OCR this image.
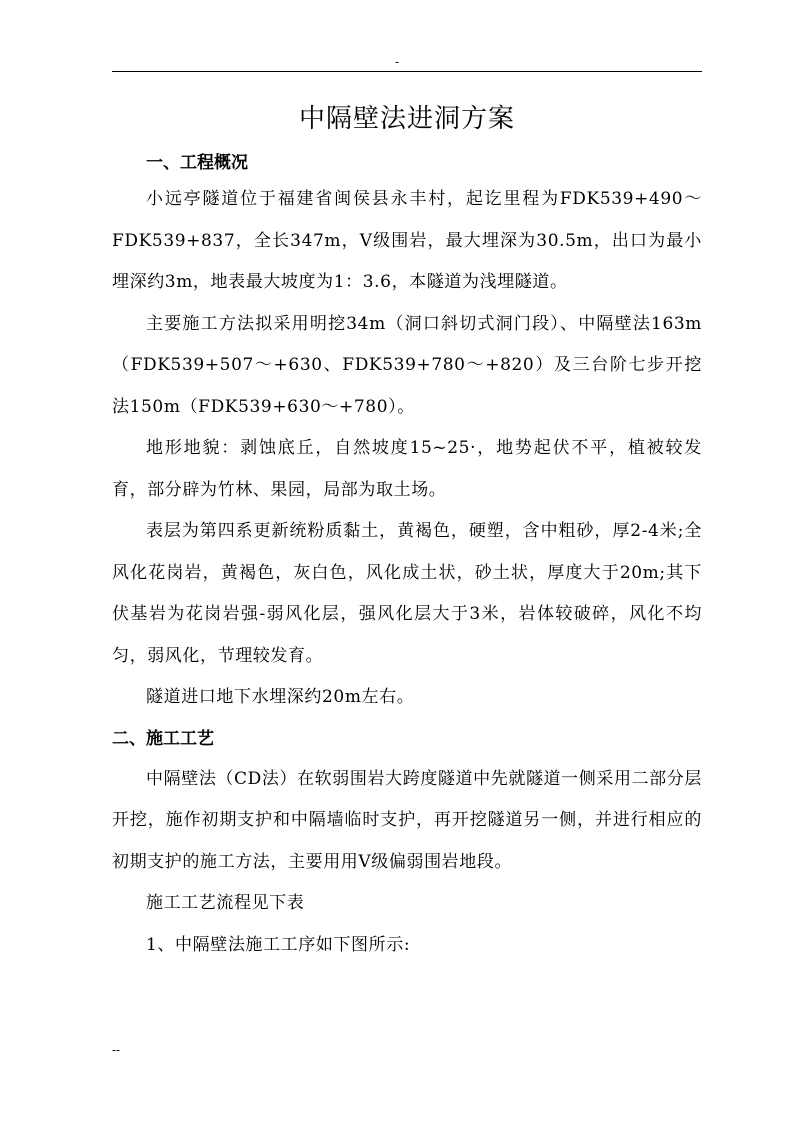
-
中隔壁法进洞方案
一、工程概况

小远亭隧道位于福建省闽侯县永丰村，起讫里程为FDK539+490～FDK539+837，全长347m，Ⅴ级围岩，最大埋深为30.5m，出口为最小埋深约3m，地表最大坡度为1：3.6，本隧道为浅埋隧道。

主要施工方法拟采用明挖34m（洞口斜切式洞门段）、中隔壁法163m（FDK539+507～+630、FDK539+780～+820）及三台阶七步开挖法150m（FDK539+630～+780）。

地形地貌：剥蚀底丘，自然坡度15~25·，地势起伏不平，植被较发育，部分辟为竹林、果园，局部为取土场。

表层为第四系更新统粉质黏土，黄褐色，硬塑，含中粗砂，厚2-4米;全风化花岗岩，黄褐色，灰白色，风化成土状，砂土状，厚度大于20m;其下伏基岩为花岗岩强-弱风化层，强风化层大于3米，岩体较破碎，风化不均匀，弱风化，节理较发育。

隧道进口地下水埋深约20m左右。

二、施工工艺

中隔壁法（CD法）在软弱围岩大跨度隧道中先就隧道一侧采用二部分层开挖，施作初期支护和中隔墙临时支护，再开挖隧道另一侧，并进行相应的初期支护的施工方法，主要用用Ⅴ级偏弱围岩地段。

施工工艺流程见下表

1、中隔壁法施工工序如下图所示:

--
